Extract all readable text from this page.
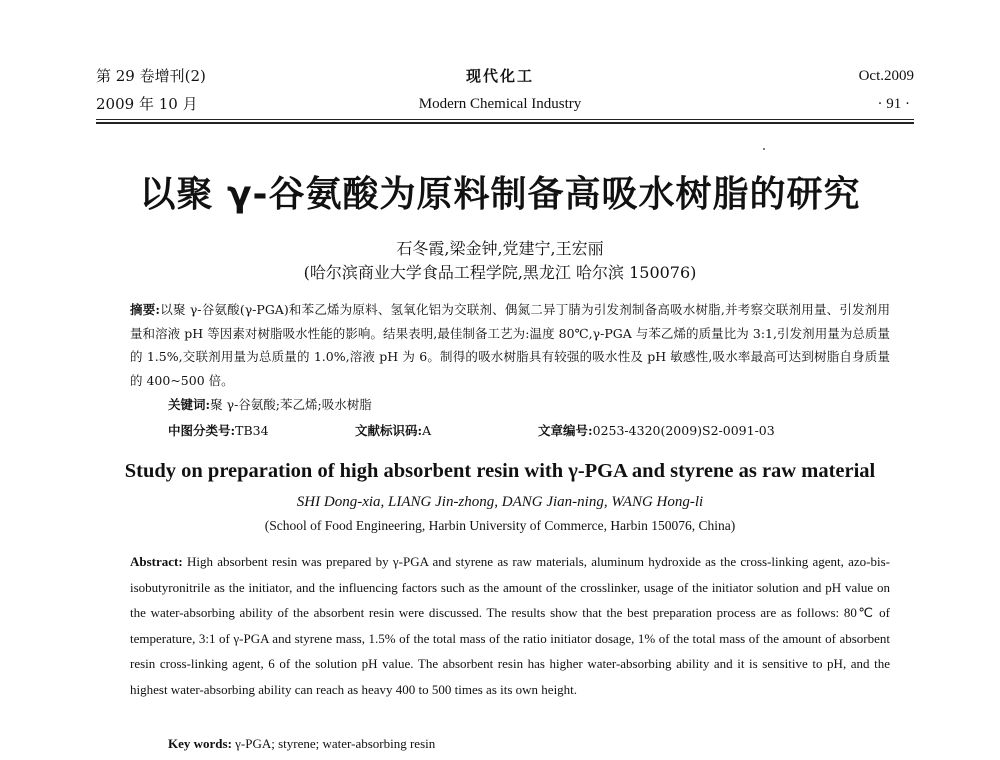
第 29 卷增刊(2)
2009 年 10 月
现代化工
Modern Chemical Industry
Oct.2009
· 91 ·
以聚 γ-谷氨酸为原料制备高吸水树脂的研究
石冬霞,梁金钟,党建宁,王宏丽
(哈尔滨商业大学食品工程学院,黑龙江 哈尔滨 150076)
摘要:以聚 γ-谷氨酸(γ-PGA)和苯乙烯为原料、氢氧化铝为交联剂、偶氮二异丁腈为引发剂制备高吸水树脂,并考察交联剂用量、引发剂用量和溶液 pH 等因素对树脂吸水性能的影响。结果表明,最佳制备工艺为:温度 80℃,γ-PGA 与苯乙烯的质量比为 3:1,引发剂用量为总质量的 1.5%,交联剂用量为总质量的 1.0%,溶液 pH 为 6。制得的吸水树脂具有较强的吸水性及 pH 敏感性,吸水率最高可达到树脂自身质量的 400~500 倍。
关键词:聚 γ-谷氨酸;苯乙烯;吸水树脂
中图分类号:TB34	文献标识码:A	文章编号:0253-4320(2009)S2-0091-03
Study on preparation of high absorbent resin with γ-PGA and styrene as raw material
SHI Dong-xia, LIANG Jin-zhong, DANG Jian-ning, WANG Hong-li
(School of Food Engineering, Harbin University of Commerce, Harbin 150076, China)
Abstract: High absorbent resin was prepared by γ-PGA and styrene as raw materials, aluminum hydroxide as the cross-linking agent, azo-bis-isobutyronitrile as the initiator, and the influencing factors such as the amount of the crosslinker, usage of the initiator solution and pH value on the water-absorbing ability of the absorbent resin were discussed. The results show that the best preparation process are as follows: 80℃ of temperature, 3:1 of γ-PGA and styrene mass, 1.5% of the total mass of the ratio initiator dosage, 1% of the total mass of the amount of absorbent resin cross-linking agent, 6 of the solution pH value. The absorbent resin has higher water-absorbing ability and it is sensitive to pH, and the highest water-absorbing ability can reach as heavy 400 to 500 times as its own height.
Key words: γ-PGA; styrene; water-absorbing resin
